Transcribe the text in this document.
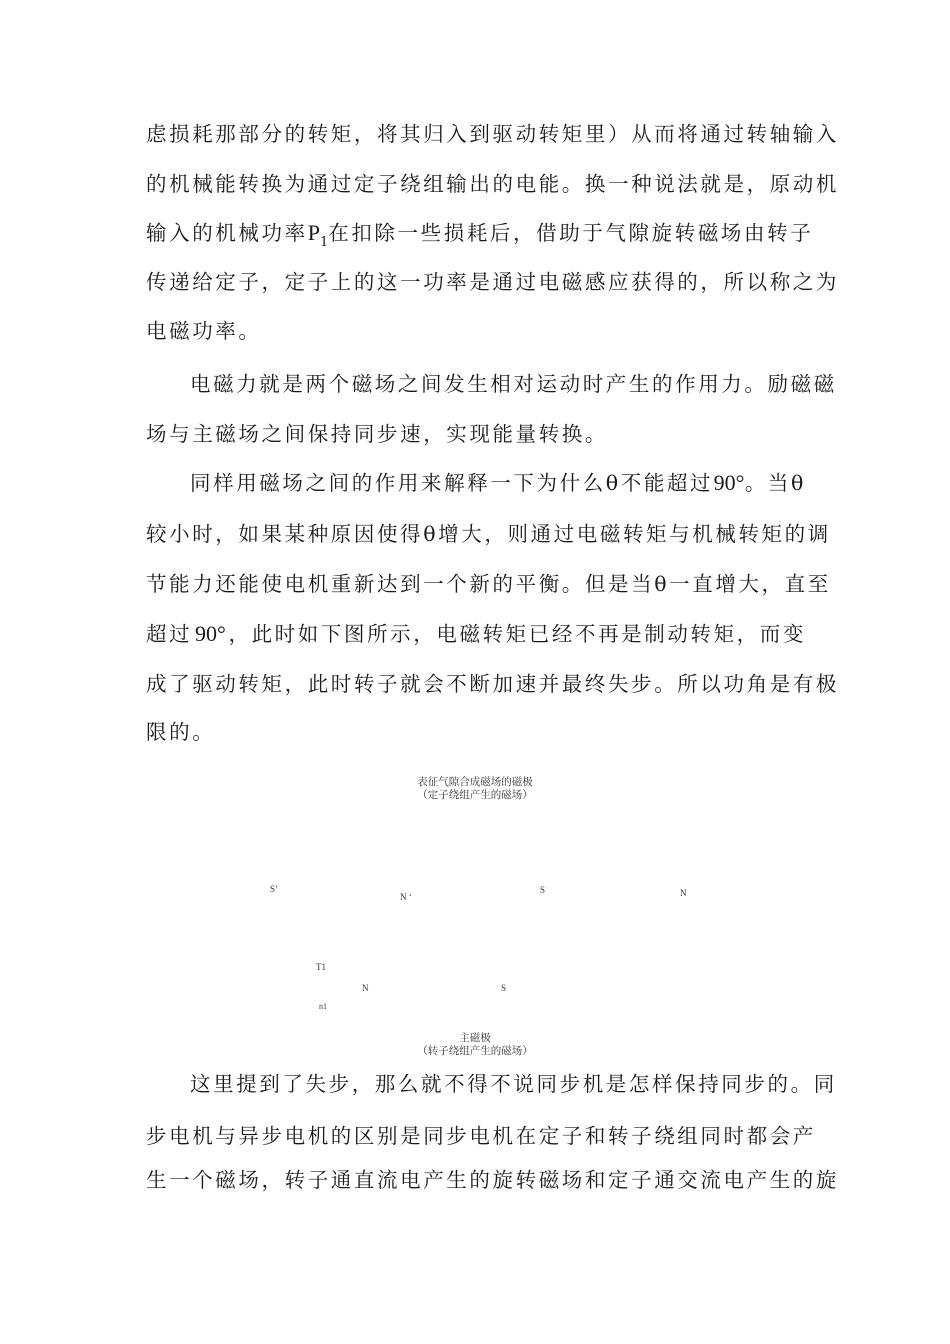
虑损耗那部分的转矩，将其归入到驱动转矩里）从而将通过转轴输入
的机械能转换为通过定子绕组输出的电能。换一种说法就是，原动机
输入的机械功率 $P_1$ 在扣除一些损耗后，借助于气隙旋转磁场由转子
传递给定子，定子上的这一功率是通过电磁感应获得的，所以称之为
电磁功率。
电磁力就是两个磁场之间发生相对运动时产生的作用力。励磁磁
场与主磁场之间保持同步速，实现能量转换。
同样用磁场之间的作用来解释一下为什么θ不能超过 90° 。当θ
较小时，如果某种原因使得θ增大，则通过电磁转矩与机械转矩的调
节能力还能使电机重新达到一个新的平衡。但是当θ一直增大，直至
超过 90° ，此时如下图所示，电磁转矩已经不再是制动转矩，而变
成了驱动转矩，此时转子就会不断加速并最终失步。所以功角是有极
限的。
表征气隙合成磁场的磁极
（定子绕组产生的磁场）
S’
N ‘
S	N
T1
N	S
n1
主磁极
（转子绕组产生的磁场）
这里提到了失步，那么就不得不说同步机是怎样保持同步的。同
步电机与异步电机的区别是同步电机在定子和转子绕组同时都会产
生一个磁场，转子通直流电产生的旋转磁场和定子通交流电产生的旋
